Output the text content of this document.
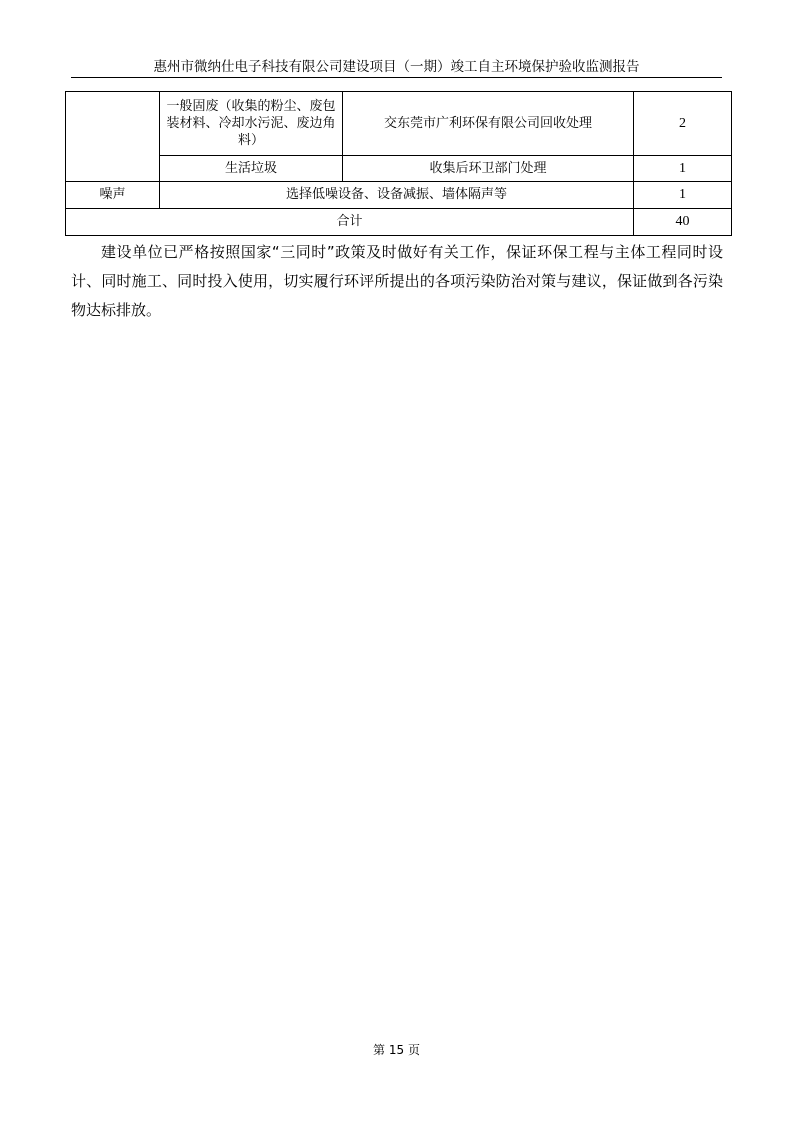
惠州市微纳仕电子科技有限公司建设项目（一期）竣工自主环境保护验收监测报告
	一般固废（收集的粉尘、废包装材料、冷却水污泥、废边角料）	交东莞市广利环保有限公司回收处理	2
	生活垃圾	收集后环卫部门处理	1
噪声	选择低噪设备、设备减振、墙体隔声等		1
合计			40

建设单位已严格按照国家“三同时”政策及时做好有关工作，保证环保工程与主体工程同时设计、同时施工、同时投入使用，切实履行环评所提出的各项污染防治对策与建议，保证做到各污染物达标排放。

第 15 页
